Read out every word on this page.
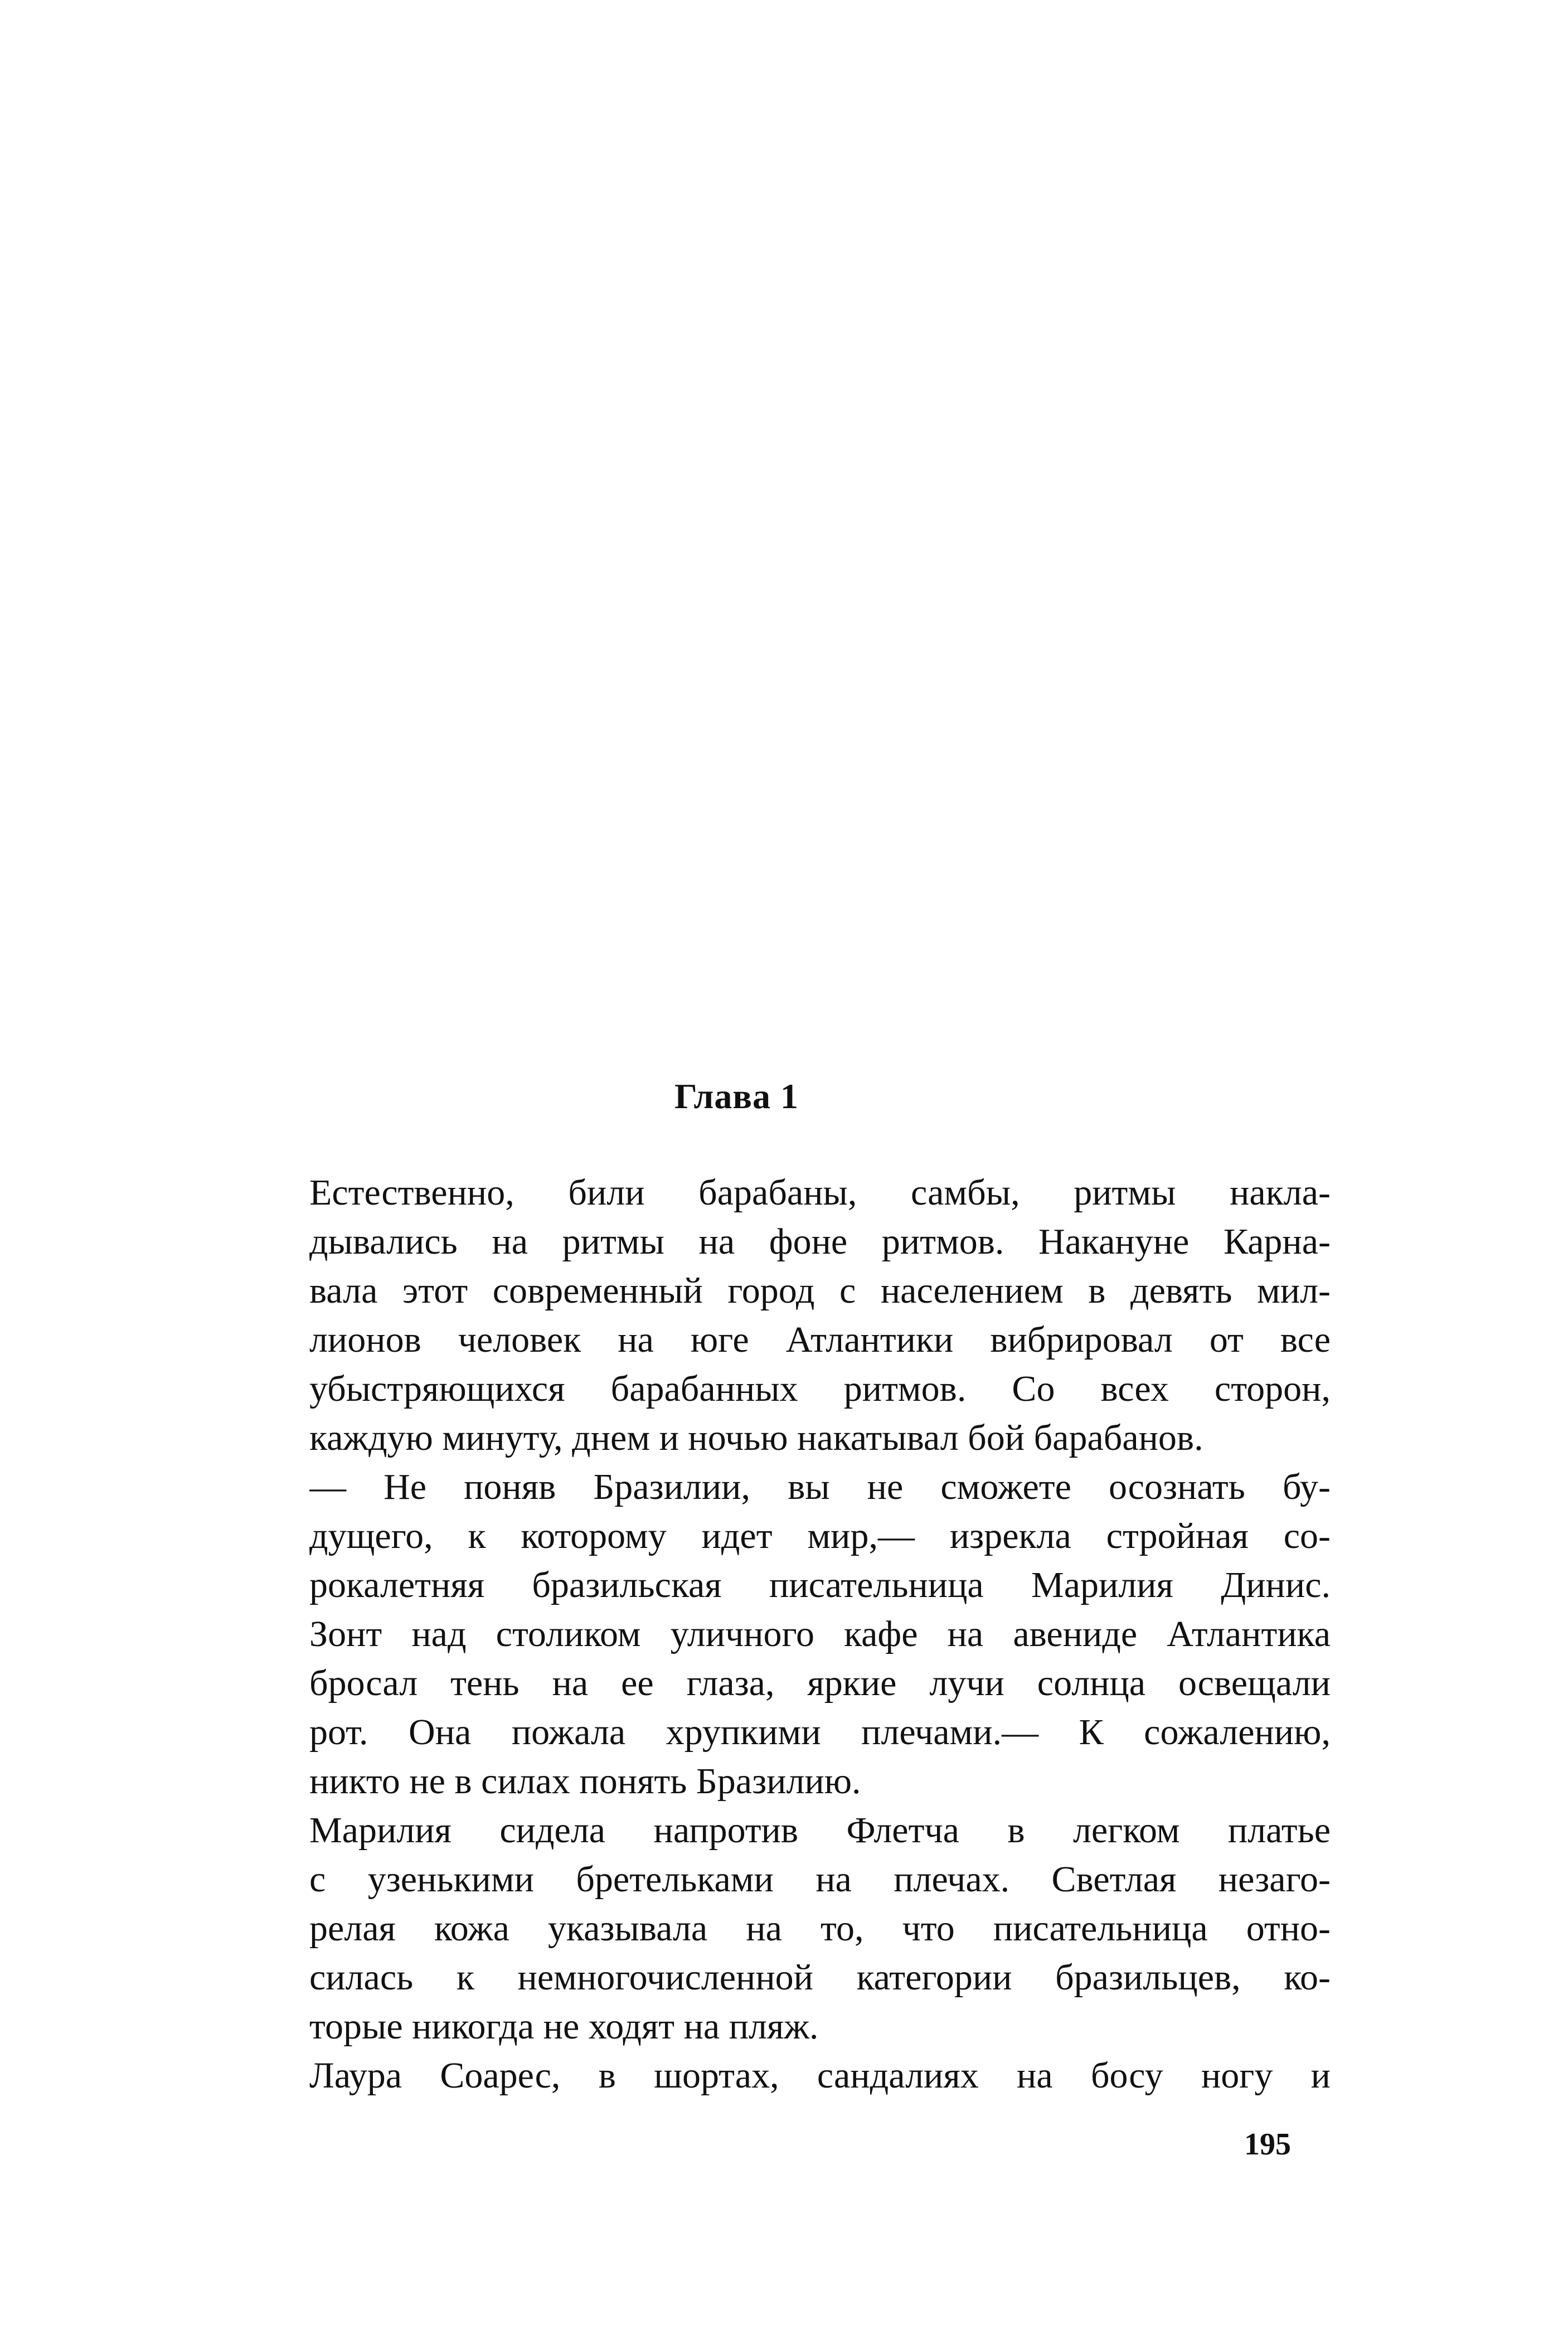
Глава 1
Естественно, били барабаны, самбы, ритмы накла-
дывались на ритмы на фоне ритмов. Накануне Карна-
вала этот современный город с населением в девять мил-
лионов человек на юге Атлантики вибрировал от все
убыстряющихся барабанных ритмов. Со всех сторон,
каждую минуту, днем и ночью накатывал бой барабанов.
— Не поняв Бразилии, вы не сможете осознать бу-
дущего, к которому идет мир,— изрекла стройная со-
рокалетняя бразильская писательница Марилия Динис.
Зонт над столиком уличного кафе на авениде Атлантика
бросал тень на ее глаза, яркие лучи солнца освещали
рот. Она пожала хрупкими плечами.— К сожалению,
никто не в силах понять Бразилию.
Марилия сидела напротив Флетча в легком платье
с узенькими бретельками на плечах. Светлая незаго-
релая кожа указывала на то, что писательница отно-
силась к немногочисленной категории бразильцев, ко-
торые никогда не ходят на пляж.
Лаура Соарес, в шортах, сандалиях на босу ногу и
195
